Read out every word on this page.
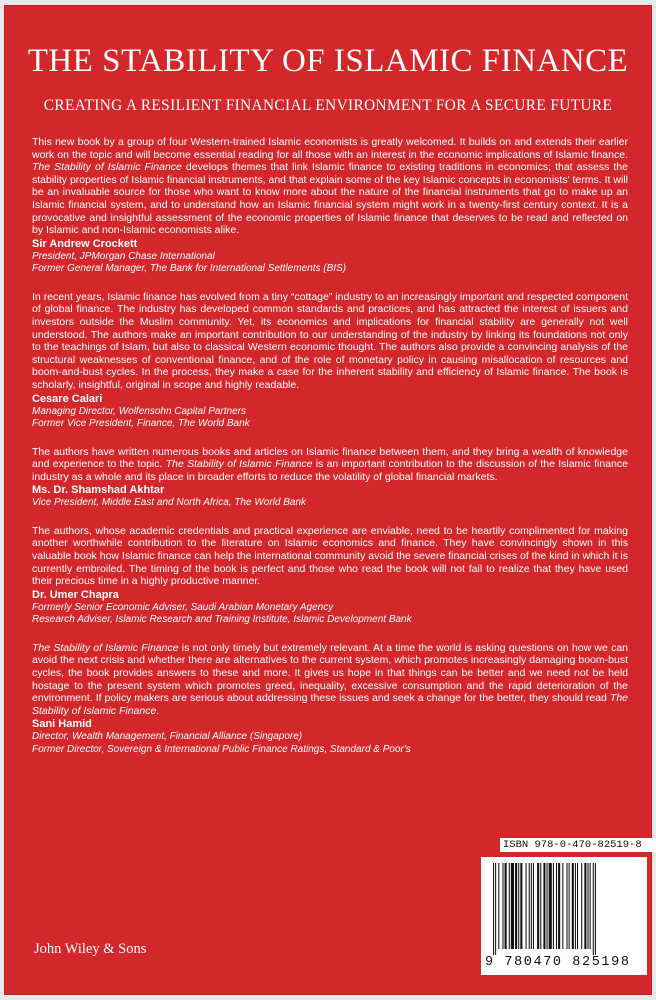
THE STABILITY OF ISLAMIC FINANCE
CREATING A RESILIENT FINANCIAL ENVIRONMENT FOR A SECURE FUTURE

This new book by a group of four Western-trained Islamic economists is greatly welcomed. It builds on and extends their earlier work on the topic and will become essential reading for all those with an interest in the economic implications of Islamic finance. The Stability of Islamic Finance develops themes that link Islamic finance to existing traditions in economics; that assess the stability properties of Islamic financial instruments, and that explain some of the key Islamic concepts in economists' terms. It will be an invaluable source for those who want to know more about the nature of the financial instruments that go to make up an Islamic financial system, and to understand how an Islamic financial system might work in a twenty-first century context. It is a provocative and insightful assessment of the economic properties of Islamic finance that deserves to be read and reflected on by Islamic and non-Islamic economists alike.

Sir Andrew Crockett
President, JPMorgan Chase International
Former General Manager, The Bank for International Settlements (BIS)

In recent years, Islamic finance has evolved from a tiny “cottage” industry to an increasingly important and respected component of global finance. The industry has developed common standards and practices, and has attracted the interest of issuers and investors outside the Muslim community. Yet, its economics and implications for financial stability are generally not well understood. The authors make an important contribution to our understanding of the industry by linking its foundations not only to the teachings of Islam, but also to classical Western economic thought. The authors also provide a convincing analysis of the structural weaknesses of conventional finance, and of the role of monetary policy in causing misallocation of resources and boom-and-bust cycles. In the process, they make a case for the inherent stability and efficiency of Islamic finance. The book is scholarly, insightful, original in scope and highly readable.

Cesare Calari
Managing Director, Wolfensohn Capital Partners
Former Vice President, Finance, The World Bank

The authors have written numerous books and articles on Islamic finance between them, and they bring a wealth of knowledge and experience to the topic. The Stability of Islamic Finance is an important contribution to the discussion of the Islamic finance industry as a whole and its place in broader efforts to reduce the volatility of global financial markets.

Ms. Dr. Shamshad Akhtar
Vice President, Middle East and North Africa, The World Bank

The authors, whose academic credentials and practical experience are enviable, need to be heartily complimented for making another worthwhile contribution to the literature on Islamic economics and finance. They have convincingly shown in this valuable book how Islamic finance can help the international community avoid the severe financial crises of the kind in which it is currently embroiled. The timing of the book is perfect and those who read the book will not fail to realize that they have used their precious time in a highly productive manner.

Dr. Umer Chapra
Formerly Senior Economic Adviser, Saudi Arabian Monetary Agency
Research Adviser, Islamic Research and Training Institute, Islamic Development Bank

The Stability of Islamic Finance is not only timely but extremely relevant. At a time the world is asking questions on how we can avoid the next crisis and whether there are alternatives to the current system, which promotes increasingly damaging boom-bust cycles, the book provides answers to these and more. It gives us hope in that things can be better and we need not be held hostage to the present system which promotes greed, inequality, excessive consumption and the rapid deterioration of the environment. If policy makers are serious about addressing these issues and seek a change for the better, they should read The Stability of Islamic Finance.

Sani Hamid
Director, Wealth Management, Financial Alliance (Singapore)
Former Director, Sovereign & International Public Finance Ratings, Standard & Poor's
John Wiley & Sons
ISBN 978-0-470-82519-8
9 780470 825198
